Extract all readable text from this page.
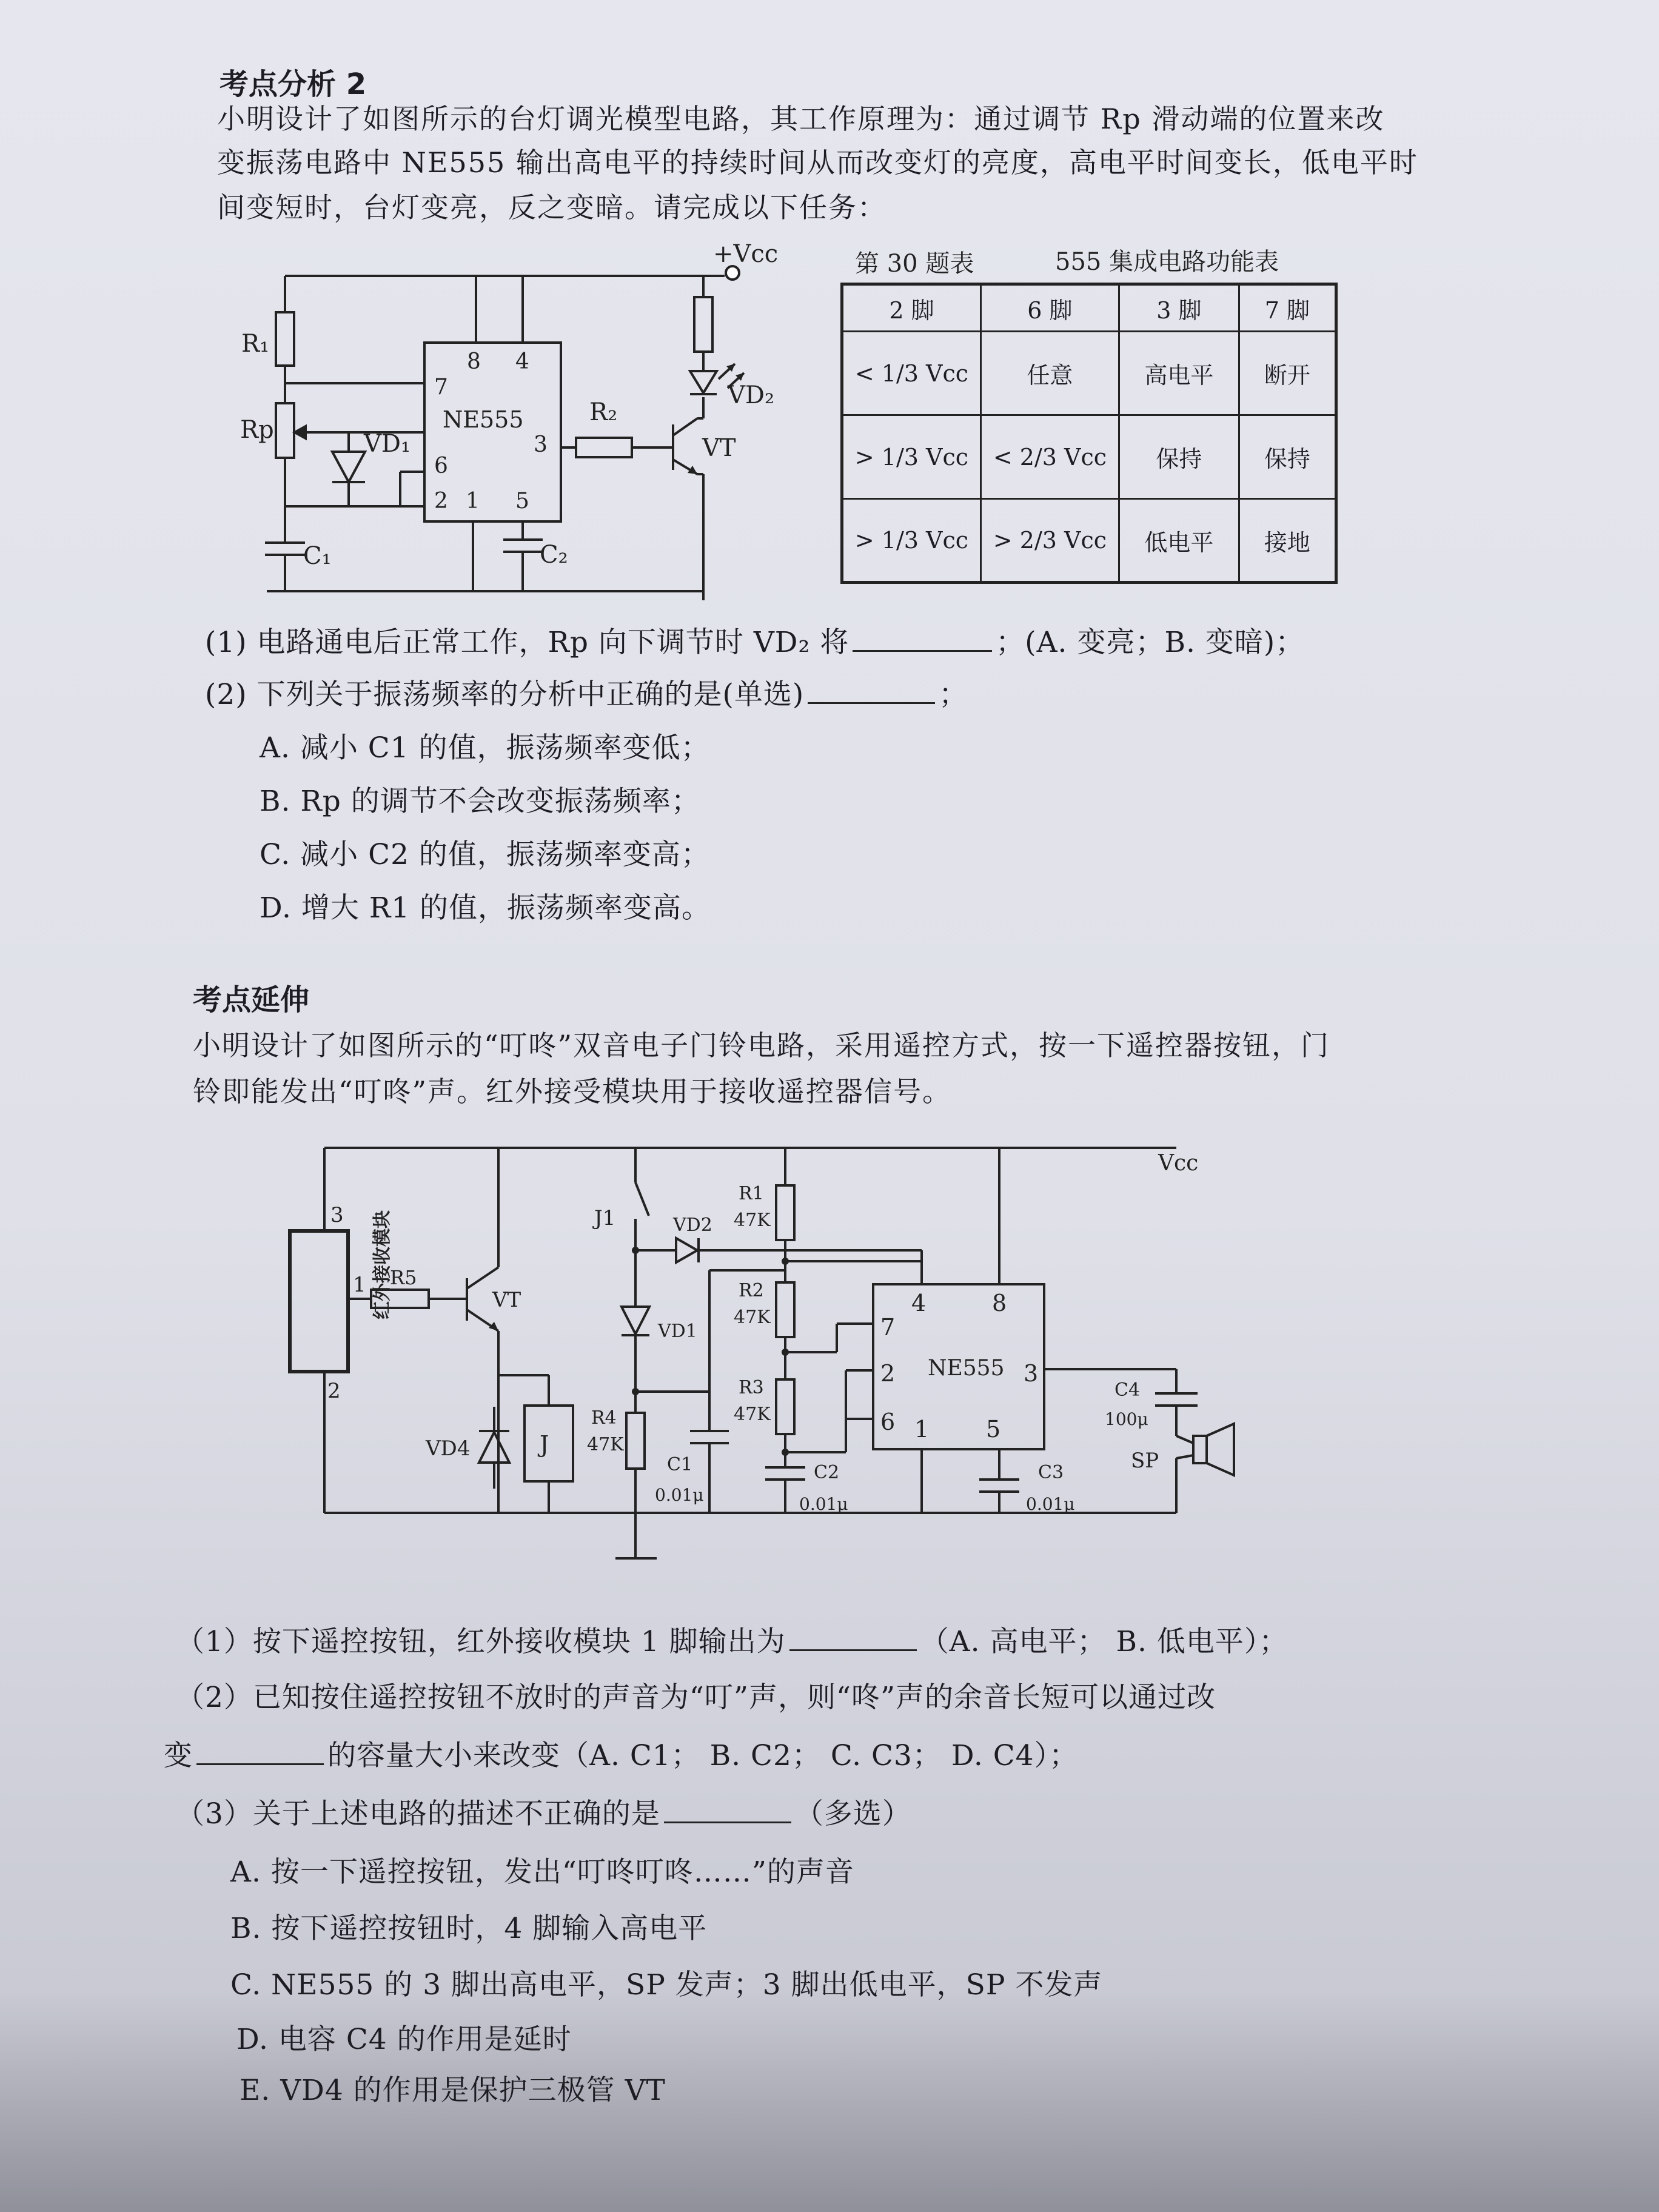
考点分析 2
小明设计了如图所示的台灯调光模型电路，其工作原理为：通过调节 Rp 滑动端的位置来改
变振荡电路中 NE555 输出高电平的持续时间从而改变灯的亮度，高电平时间变长，低电平时
间变短时，台灯变亮，反之变暗。请完成以下任务：
+Vcc
R₁
Rp	VD₁
C₁	C₂
NE555	R₂
VT
VD₂
8 4
7
6
2 1 5
3
第 30 题表	555 集成电路功能表
2 脚	6 脚	3 脚	7 脚
< 1/3 Vcc	任意	高电平	断开
> 1/3 Vcc	< 2/3 Vcc	保持	保持
> 1/3 Vcc	> 2/3 Vcc	低电平	接地
(1) 电路通电后正常工作，Rp 向下调节时 VD₂ 将	；(A. 变亮；B. 变暗)；
(2) 下列关于振荡频率的分析中正确的是(单选)	；
A. 减小 C1 的值，振荡频率变低；
B. Rp 的调节不会改变振荡频率；
C. 减小 C2 的值，振荡频率变高；
D. 增大 R1 的值，振荡频率变高。
考点延伸
小明设计了如图所示的“叮咚”双音电子门铃电路，采用遥控方式，按一下遥控器按钮，门
铃即能发出“叮咚”声。红外接受模块用于接收遥控器信号。
Vcc
红外接收模块
3
1
2
R5
VT
VD4	J
J1	VD2
VD1
R1
47K
R2
47K
R3
47K
R4
47K
C1
0.01μ
C2
0.01μ
C3
0.01μ
C4
100μ
SP
NE555
4	8
7
2
6 1 5
3
（1）按下遥控按钮，红外接收模块 1 脚输出为	（A. 高电平； B. 低电平）；
（2）已知按住遥控按钮不放时的声音为“叮”声，则“咚”声的余音长短可以通过改
变	的容量大小来改变（A. C1； B. C2； C. C3； D. C4）；
（3）关于上述电路的描述不正确的是	（多选）
A. 按一下遥控按钮，发出“叮咚叮咚……”的声音
B. 按下遥控按钮时，4 脚输入高电平
C. NE555 的 3 脚出高电平，SP 发声；3 脚出低电平，SP 不发声
D. 电容 C4 的作用是延时
E. VD4 的作用是保护三极管 VT
